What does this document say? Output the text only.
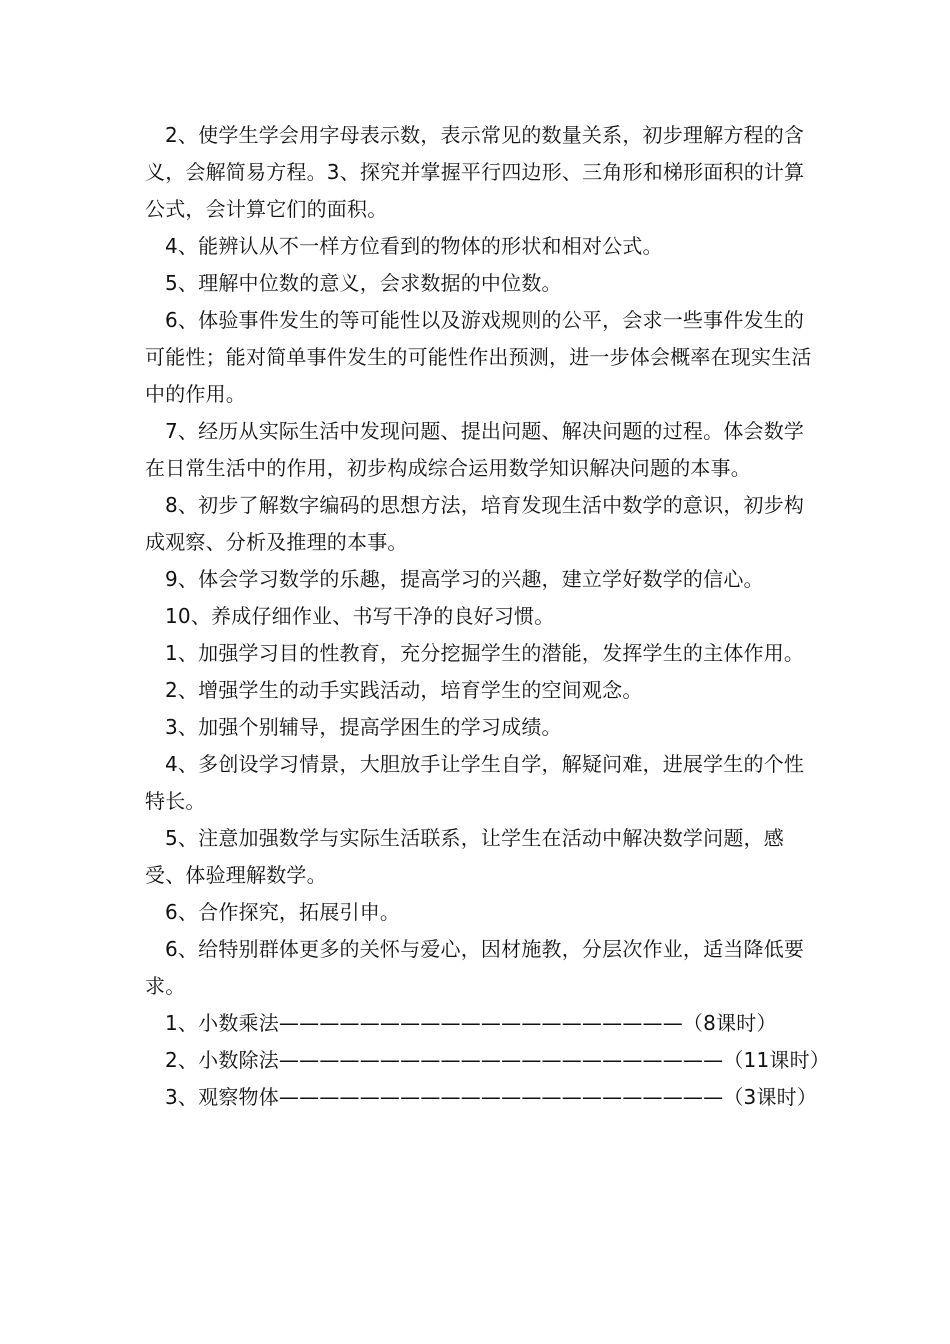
2、使学生学会用字母表示数，表示常见的数量关系，初步理解方程的含义，会解简易方程。3、探究并掌握平行四边形、三角形和梯形面积的计算公式，会计算它们的面积。

4、能辨认从不一样方位看到的物体的形状和相对公式。

5、理解中位数的意义，会求数据的中位数。

6、体验事件发生的等可能性以及游戏规则的公平，会求一些事件发生的可能性；能对简单事件发生的可能性作出预测，进一步体会概率在现实生活中的作用。

7、经历从实际生活中发现问题、提出问题、解决问题的过程。体会数学在日常生活中的作用，初步构成综合运用数学知识解决问题的本事。

8、初步了解数字编码的思想方法，培育发现生活中数学的意识，初步构成观察、分析及推理的本事。

9、体会学习数学的乐趣，提高学习的兴趣，建立学好数学的信心。

10、养成仔细作业、书写干净的良好习惯。

1、加强学习目的性教育，充分挖掘学生的潜能，发挥学生的主体作用。

2、增强学生的动手实践活动，培育学生的空间观念。

3、加强个别辅导，提高学困生的学习成绩。

4、多创设学习情景，大胆放手让学生自学，解疑问难，进展学生的个性特长。

5、注意加强数学与实际生活联系，让学生在活动中解决数学问题，感受、体验理解数学。

6、合作探究，拓展引申。

6、给特别群体更多的关怀与爱心，因材施教，分层次作业，适当降低要求。

1、小数乘法————————————————————（8课时）

2、小数除法——————————————————————（11课时）

3、观察物体——————————————————————（3课时）
